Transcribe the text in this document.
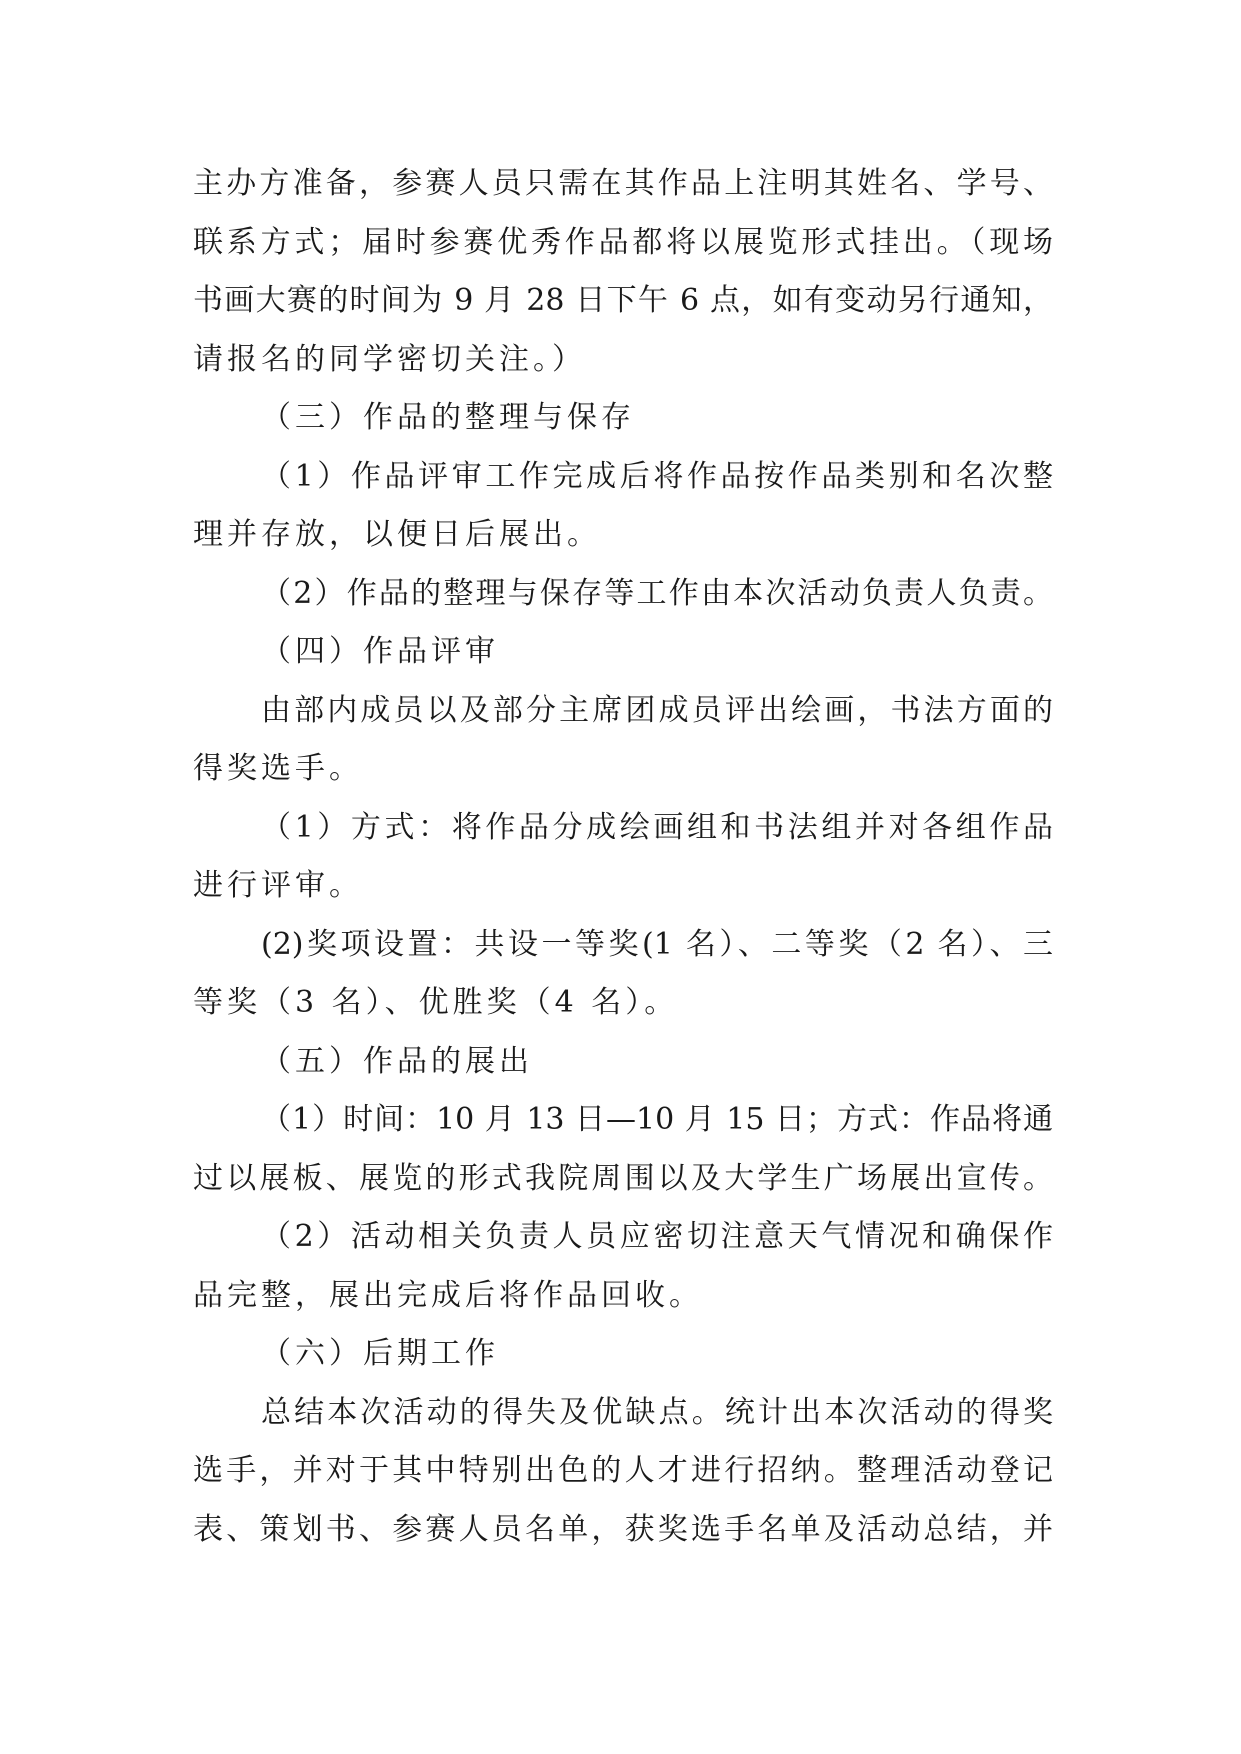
主办方准备，参赛人员只需在其作品上注明其姓名、学号、
联系方式；届时参赛优秀作品都将以展览形式挂出。（现场
书画大赛的时间为 9 月 28 日下午 6 点，如有变动另行通知，
请报名的同学密切关注。）
（三）作品的整理与保存
（1）作品评审工作完成后将作品按作品类别和名次整
理并存放，以便日后展出。
（2）作品的整理与保存等工作由本次活动负责人负责。
（四）作品评审
由部内成员以及部分主席团成员评出绘画，书法方面的
得奖选手。
（1）方式：将作品分成绘画组和书法组并对各组作品
进行评审。
(2)奖项设置：共设一等奖(1 名）、二等奖（2 名）、三
等奖（3 名）、优胜奖（4 名）。
（五）作品的展出
（1）时间：10 月 13 日—10 月 15 日；方式：作品将通
过以展板、展览的形式我院周围以及大学生广场展出宣传。
（2）活动相关负责人员应密切注意天气情况和确保作
品完整，展出完成后将作品回收。
（六）后期工作
总结本次活动的得失及优缺点。统计出本次活动的得奖
选手，并对于其中特别出色的人才进行招纳。整理活动登记
表、策划书、参赛人员名单，获奖选手名单及活动总结，并
